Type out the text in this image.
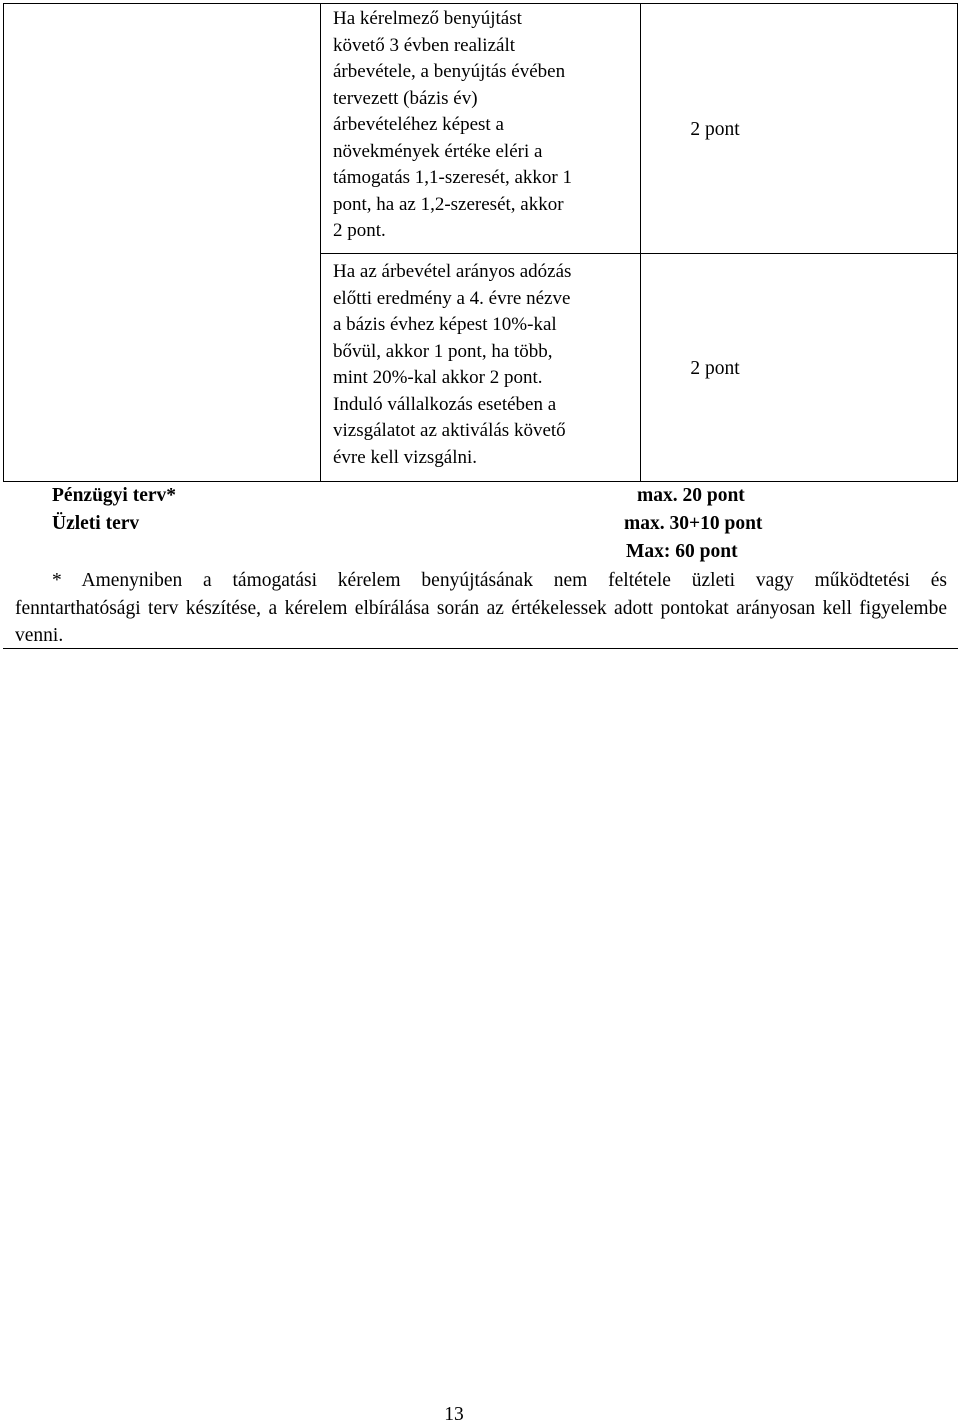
Ha kérelmező benyújtást
követő 3 évben realizált
árbevétele, a benyújtás évében
tervezett (bázis év)
árbevételéhez képest a
növekmények értéke eléri a
támogatás 1,1-szeresét, akkor 1
pont, ha az 1,2-szeresét, akkor
2 pont.
2 pont
Ha az árbevétel arányos adózás
előtti eredmény a 4. évre nézve
a bázis évhez képest 10%-kal
bővül, akkor 1 pont, ha több,
mint 20%-kal akkor 2 pont.
Induló vállalkozás esetében a
vizsgálatot az aktiválás követő
évre kell vizsgálni.
2 pont
Pénzügyi terv*	max. 20 pont
Üzleti terv	max. 30+10 pont
Max: 60 pont
* Amenyniben a támogatási kérelem benyújtásának nem feltétele üzleti vagy működtetési és
fenntarthatósági terv készítése, a kérelem elbírálása során az értékelessek adott pontokat arányosan kell figyelembe venni.
13
